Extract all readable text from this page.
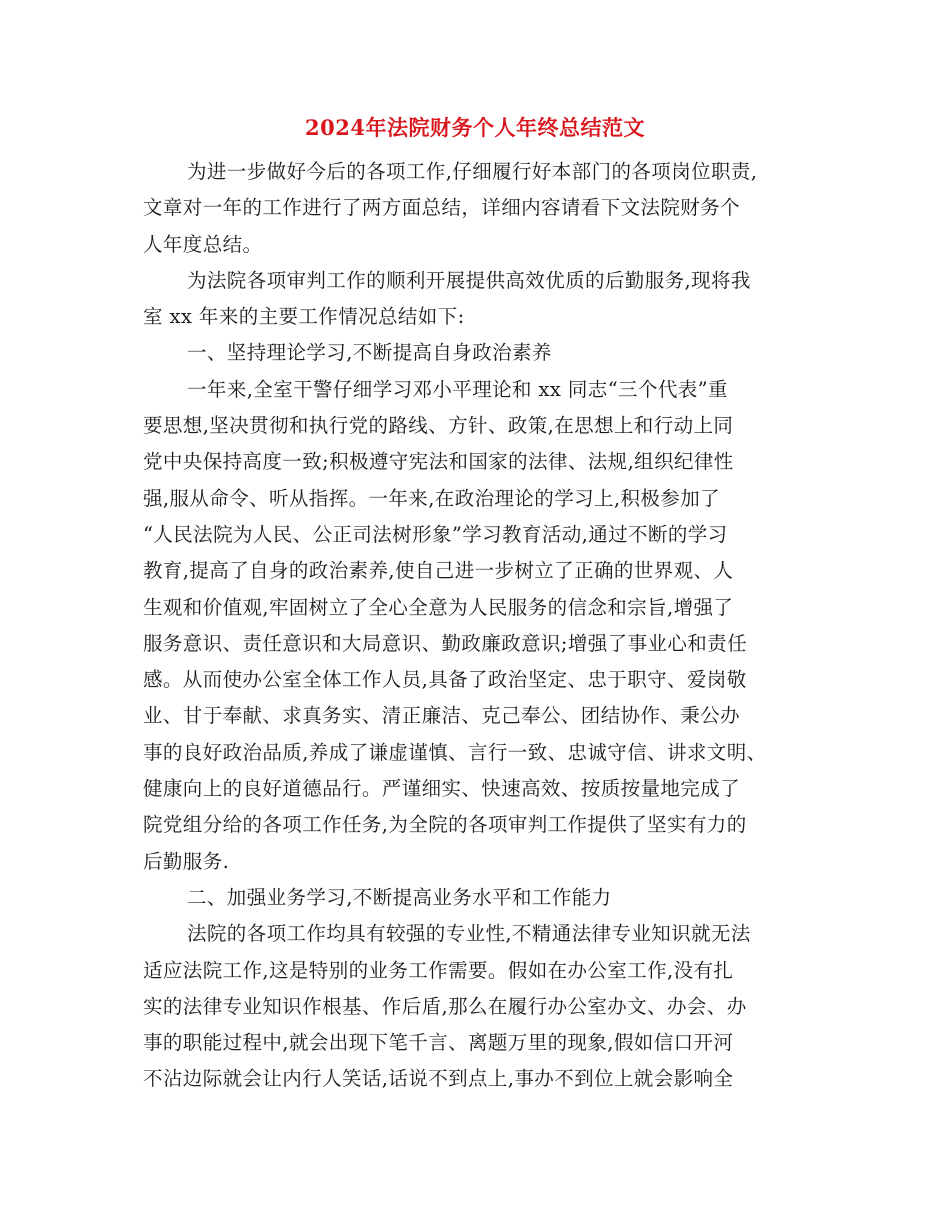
2024年法院财务个人年终总结范文
为进一步做好今后的各项工作,仔细履行好本部门的各项岗位职责,
文章对一年的工作进行了两方面总结，详细内容请看下文法院财务个
人年度总结。
为法院各项审判工作的顺利开展提供高效优质的后勤服务,现将我
室 xx 年来的主要工作情况总结如下:
一、坚持理论学习,不断提高自身政治素养
一年来,全室干警仔细学习邓小平理论和 xx 同志“三个代表”重
要思想,坚决贯彻和执行党的路线、方针、政策,在思想上和行动上同
党中央保持高度一致;积极遵守宪法和国家的法律、法规,组织纪律性
强,服从命令、听从指挥。一年来,在政治理论的学习上,积极参加了
“人民法院为人民、公正司法树形象”学习教育活动,通过不断的学习
教育,提高了自身的政治素养,使自己进一步树立了正确的世界观、人
生观和价值观,牢固树立了全心全意为人民服务的信念和宗旨,增强了
服务意识、责任意识和大局意识、勤政廉政意识;增强了事业心和责任
感。从而使办公室全体工作人员,具备了政治坚定、忠于职守、爱岗敬
业、甘于奉献、求真务实、清正廉洁、克己奉公、团结协作、秉公办
事的良好政治品质,养成了谦虚谨慎、言行一致、忠诚守信、讲求文明、
健康向上的良好道德品行。严谨细实、快速高效、按质按量地完成了
院党组分给的各项工作任务,为全院的各项审判工作提供了坚实有力的
后勤服务.
二、加强业务学习,不断提高业务水平和工作能力
法院的各项工作均具有较强的专业性,不精通法律专业知识就无法
适应法院工作,这是特别的业务工作需要。假如在办公室工作,没有扎
实的法律专业知识作根基、作后盾,那么在履行办公室办文、办会、办
事的职能过程中,就会出现下笔千言、离题万里的现象,假如信口开河
不沾边际就会让内行人笑话,话说不到点上,事办不到位上就会影响全
